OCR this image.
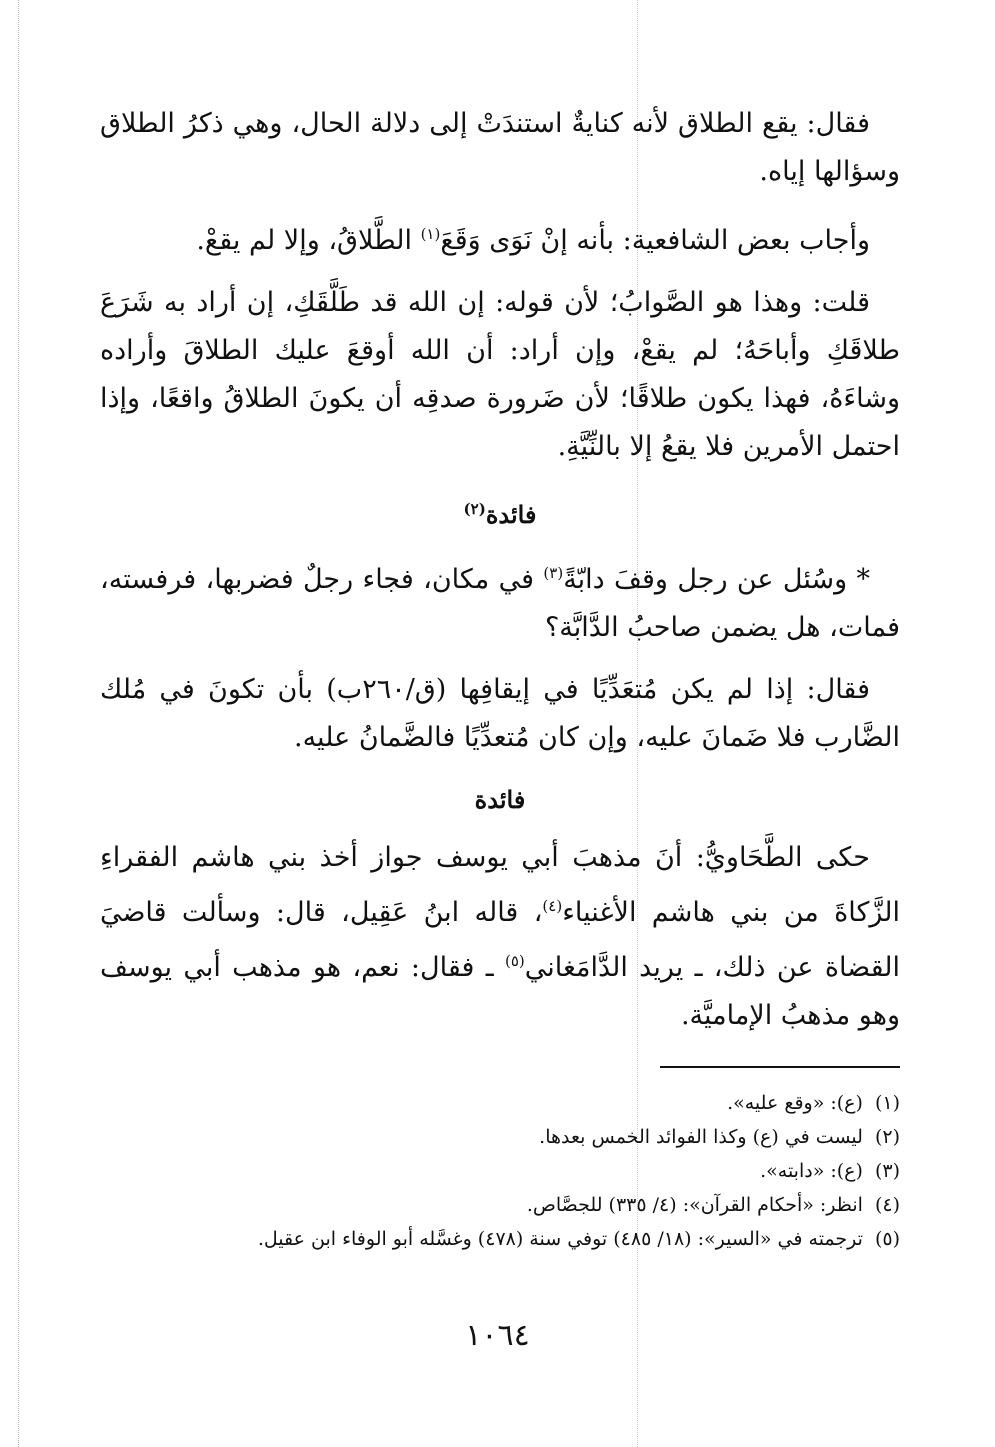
فقال: يقع الطلاق لأنه كنايةٌ استندَتْ إلى دلالة الحال، وهي ذكرُ الطلاق وسؤالها إياه.

وأجاب بعض الشافعية: بأنه إنْ نَوَى وَقَعَ$^{(١)}$ الطَّلاقُ، وإلا لم يقعْ.

قلت: وهذا هو الصَّوابُ؛ لأن قوله: إن الله قد طَلَّقَكِ، إن أراد به شَرَعَ طلاقَكِ وأباحَهُ؛ لم يقعْ، وإن أراد: أن الله أوقعَ عليك الطلاقَ وأراده وشاءَهُ، فهذا يكون طلاقًا؛ لأن ضَرورة صدقِه أن يكونَ الطلاقُ واقعًا، وإذا احتمل الأمرين فلا يقعُ إلا بالنِّيَّةِ.

فائدة$^{(٢)}$

* وسُئل عن رجل وقفَ دابّةً$^{(٣)}$ في مكان، فجاء رجلٌ فضربها، فرفسته، فمات، هل يضمن صاحبُ الدَّابَّة؟

فقال: إذا لم يكن مُتعَدِّيًا في إيقافِها (ق/٢٦٠ب) بأن تكونَ في مُلك الضَّارب فلا ضَمانَ عليه، وإن كان مُتعدِّيًا فالضَّمانُ عليه.

فائدة

حكى الطَّحَاويُّ: أنَ مذهبَ أبي يوسف جواز أخذ بني هاشم الفقراءِ الزَّكاةَ من بني هاشم الأغنياء$^{(٤)}$، قاله ابنُ عَقِيل، قال: وسألت قاضيَ القضاة عن ذلك، ـ يريد الدَّامَغاني$^{(٥)}$ ـ فقال: نعم، هو مذهب أبي يوسف وهو مذهبُ الإماميَّة.

(١)
(ع): «وقع عليه».

(٢)
ليست في (ع) وكذا الفوائد الخمس بعدها.

(٣)
(ع): «دابته».

(٤)
انظر: «أحكام القرآن»: (٤/ ٣٣٥) للجصَّاص.

(٥)
ترجمته في «السير»: (١٨/ ٤٨٥) توفي سنة (٤٧٨) وغسَّله أبو الوفاء ابن عقيل.

١٠٦٤
